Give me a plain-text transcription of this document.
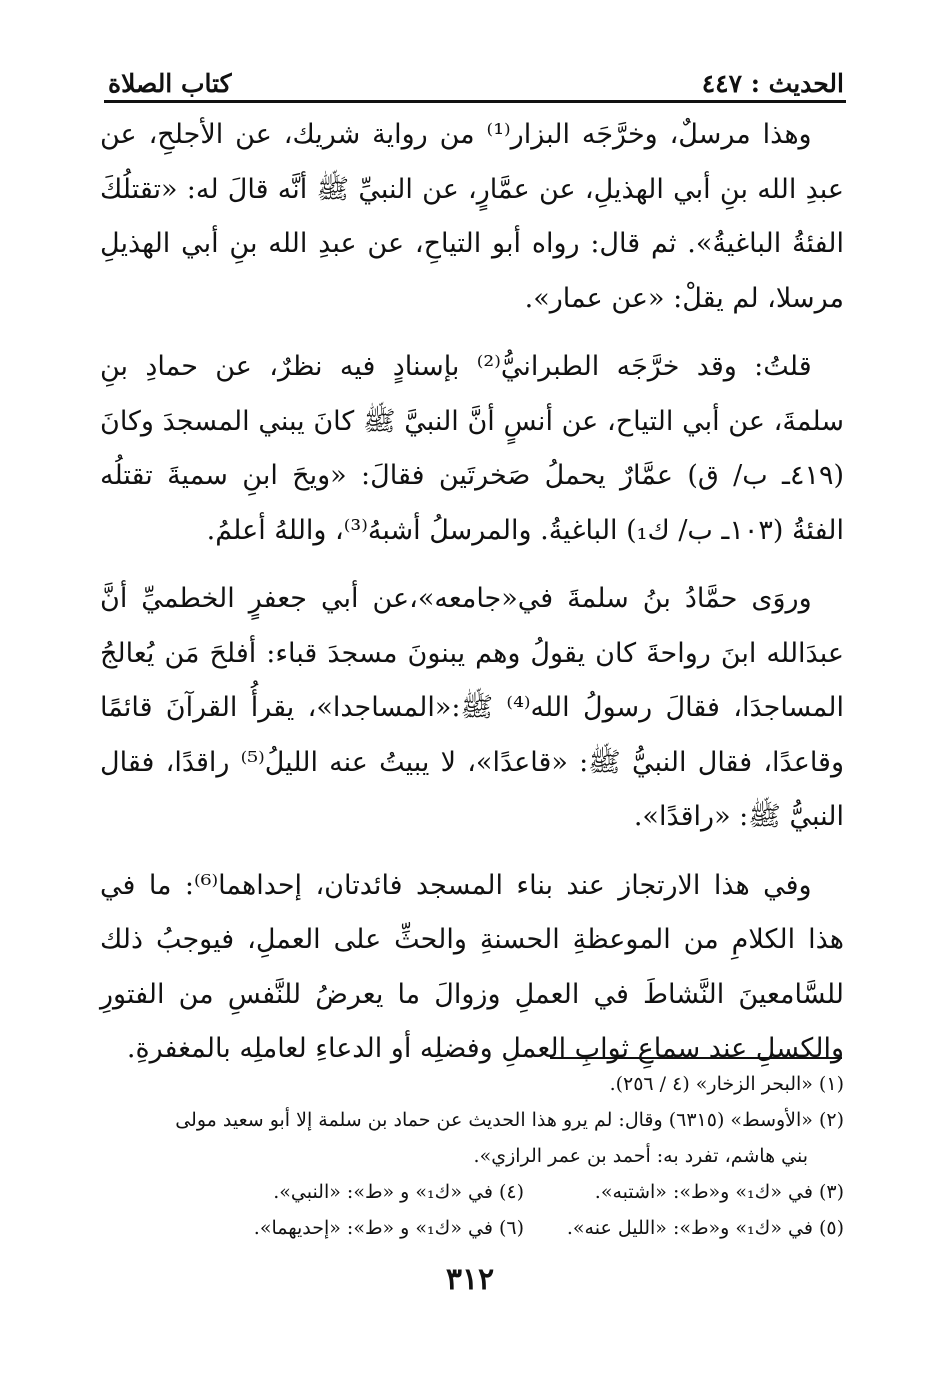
الحديث : ٤٤٧
كتاب الصلاة

وهذا مرسلٌ، وخرَّجَه البزار⁽¹⁾ من رواية شريك، عن الأجلحِ، عن عبدِ الله بنِ أبي الهذيلِ، عن عمَّارٍ، عن النبيِّ ﷺ أنَّه قالَ له: «تقتلُكَ الفئةُ الباغيةُ». ثم قال: رواه أبو التياحِ، عن عبدِ الله بنِ أبي الهذيلِ مرسلا، لم يقلْ: «عن عمار».

قلتُ: وقد خرَّجَه الطبرانيُّ⁽²⁾ بإسنادٍ فيه نظرٌ، عن حمادِ بنِ سلمةَ، عن أبي التياح، عن أنسٍ أنَّ النبيَّ ﷺ كانَ يبني المسجدَ وكانَ (٤١٩ـ ب/ ق) عمَّارٌ يحملُ صَخرتَين فقالَ: «ويحَ ابنِ سميةَ تقتلُه الفئةُ (١٠٣ـ ب/ ك₁) الباغيةُ. والمرسلُ أشبهُ⁽³⁾، واللهُ أعلمُ.

وروَى حمَّادُ بنُ سلمةَ في«جامعه»،عن أبي جعفرٍ الخطميِّ أنَّ عبدَالله ابنَ رواحةَ كان يقولُ وهم يبنونَ مسجدَ قباء: أفلحَ مَن يُعالجُ المساجدَا، فقالَ رسولُ الله⁽⁴⁾ ﷺ:«المساجدا»، يقرأُ القرآنَ قائمًا وقاعدًا، فقال النبيُّ ﷺ: «قاعدًا»، لا يبيتُ عنه الليلُ⁽⁵⁾ راقدًا، فقال النبيُّ ﷺ: «راقدًا».

وفي هذا الارتجاز عند بناء المسجد فائدتان، إحداهما⁽⁶⁾: ما في هذا الكلامِ من الموعظةِ الحسنةِ والحثِّ على العملِ، فيوجبُ ذلك للسَّامعينَ النَّشاطَ في العملِ وزوالَ ما يعرضُ للنَّفسِ من الفتورِ والكسلِ عند سماعِ ثوابِ العملِ وفضلِه أو الدعاءِ لعاملِه بالمغفرةِ.

(١) «البحر الزخار» (٤ / ٢٥٦).

(٢) «الأوسط» (٦٣١٥) وقال: لم يرو هذا الحديث عن حماد بن سلمة إلا أبو سعيد مولى

بني هاشم، تفرد به: أحمد بن عمر الرازي».

(٣) في «ك₁» و«ط»: «اشتبه».

(٤) في «ك₁» و «ط»: «النبي».

(٥) في «ك₁» و«ط»: «الليل عنه».

(٦) في «ك₁» و «ط»: «إحديهما».

٣١٢
